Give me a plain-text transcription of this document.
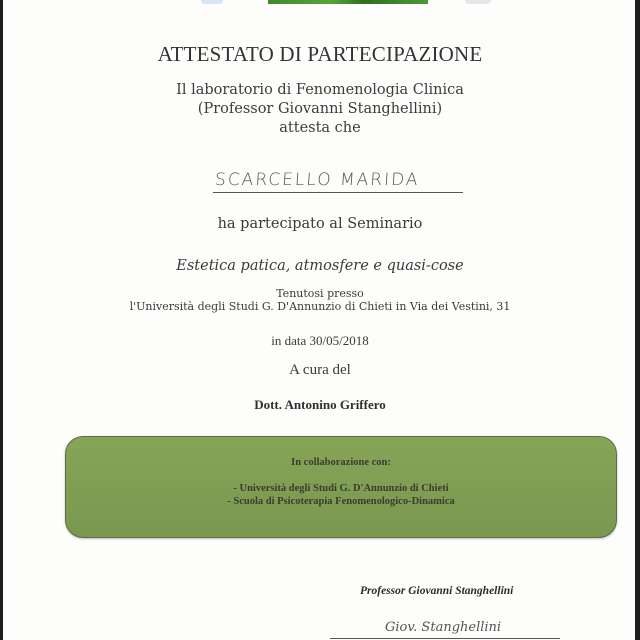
ATTESTATO DI PARTECIPAZIONE
Il laboratorio di Fenomenologia Clinica
(Professor Giovanni Stanghellini)
attesta che
SCARCELLO MARIDA
ha partecipato al Seminario
Estetica patica, atmosfere e quasi-cose
Tenutosi presso
l'Università degli Studi G. D'Annunzio di Chieti in Via dei Vestini, 31
in data 30/05/2018
A cura del
Dott. Antonino Griffero
In collaborazione con:
- Università degli Studi G. D'Annunzio di Chieti
- Scuola di Psicoterapia Fenomenologico-Dinamica
Professor Giovanni Stanghellini
Giov. Stanghellini
